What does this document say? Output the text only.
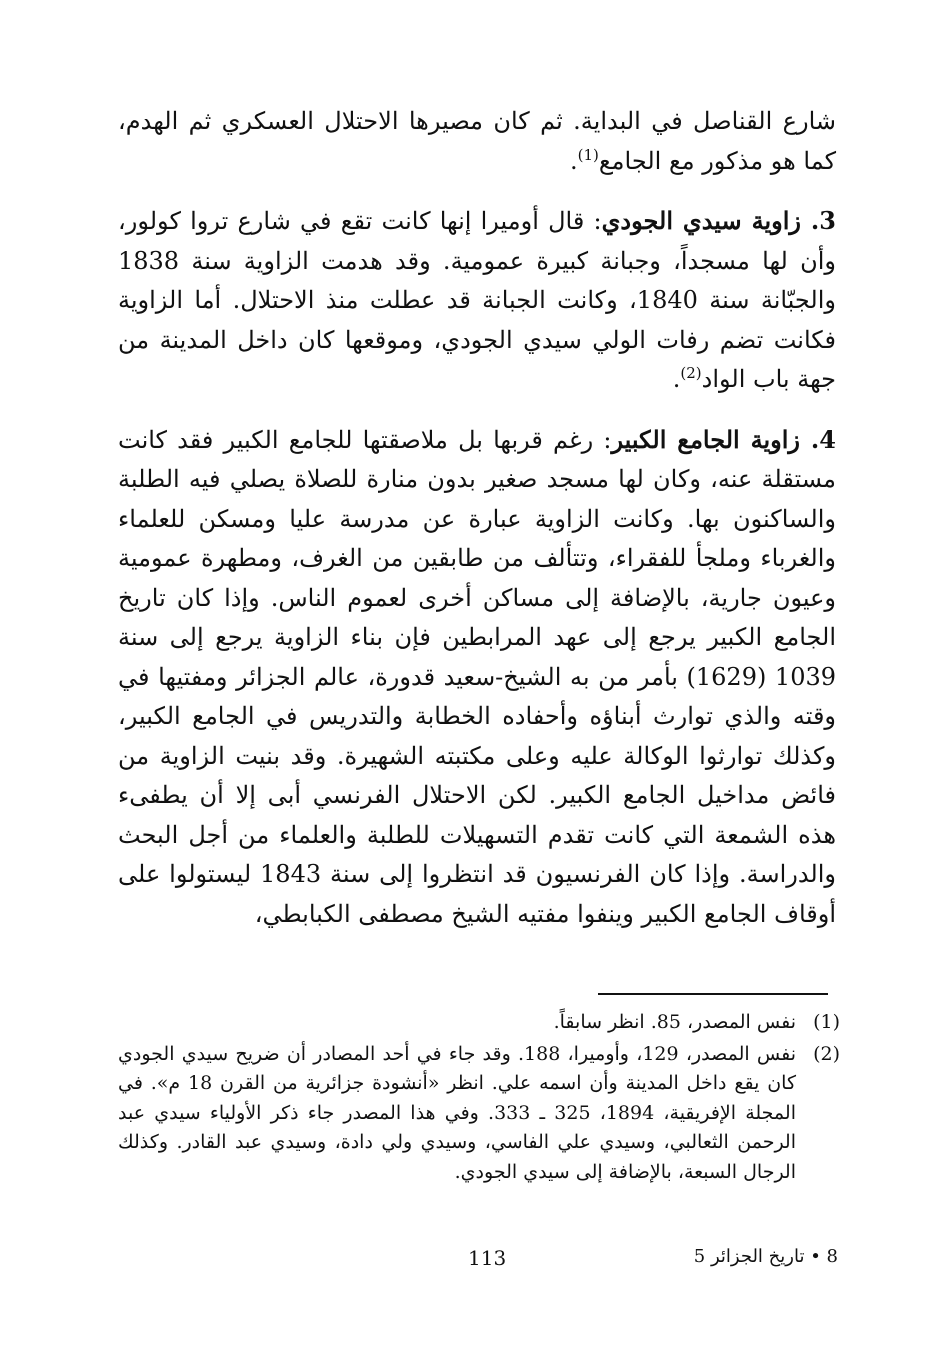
شارع القناصل في البداية. ثم كان مصيرها الاحتلال العسكري ثم الهدم، كما هو مذكور مع الجامع$^{(1)}$.

3. زاوية سيدي الجودي: قال أوميرا إنها كانت تقع في شارع تروا كولور، وأن لها مسجداً، وجبانة كبيرة عمومية. وقد هدمت الزاوية سنة 1838 والجبّانة سنة 1840، وكانت الجبانة قد عطلت منذ الاحتلال. أما الزاوية فكانت تضم رفات الولي سيدي الجودي، وموقعها كان داخل المدينة من جهة باب الواد$^{(2)}$.

4. زاوية الجامع الكبير: رغم قربها بل ملاصقتها للجامع الكبير فقد كانت مستقلة عنه، وكان لها مسجد صغير بدون منارة للصلاة يصلي فيه الطلبة والساكنون بها. وكانت الزاوية عبارة عن مدرسة عليا ومسكن للعلماء والغرباء وملجأ للفقراء، وتتألف من طابقين من الغرف، ومطهرة عمومية وعيون جارية، بالإضافة إلى مساكن أخرى لعموم الناس. وإذا كان تاريخ الجامع الكبير يرجع إلى عهد المرابطين فإن بناء الزاوية يرجع إلى سنة 1039 (1629) بأمر من به الشيخ-سعيد قدورة، عالم الجزائر ومفتيها في وقته والذي توارث أبناؤه وأحفاده الخطابة والتدريس في الجامع الكبير، وكذلك توارثوا الوكالة عليه وعلى مكتبته الشهيرة. وقد بنيت الزاوية من فائض مداخيل الجامع الكبير. لكن الاحتلال الفرنسي أبى إلا أن يطفىء هذه الشمعة التي كانت تقدم التسهيلات للطلبة والعلماء من أجل البحث والدراسة. وإذا كان الفرنسيون قد انتظروا إلى سنة 1843 ليستولوا على أوقاف الجامع الكبير وينفوا مفتيه الشيخ مصطفى الكبابطي،

(1)
نفس المصدر، 85. انظر سابقاً.
(2)
نفس المصدر، 129، وأوميرا، 188. وقد جاء في أحد المصادر أن ضريح سيدي الجودي كان يقع داخل المدينة وأن اسمه علي. انظر «أنشودة جزائرية من القرن 18 م». في المجلة الإفريقية، 1894، 325 ـ 333. وفي هذا المصدر جاء ذكر الأولياء سيدي عبد الرحمن الثعالبي، وسيدي علي الفاسي، وسيدي ولي دادة، وسيدي عبد القادر. وكذلك الرجال السبعة، بالإضافة إلى سيدي الجودي.
113	8 • تاريخ الجزائر 5
